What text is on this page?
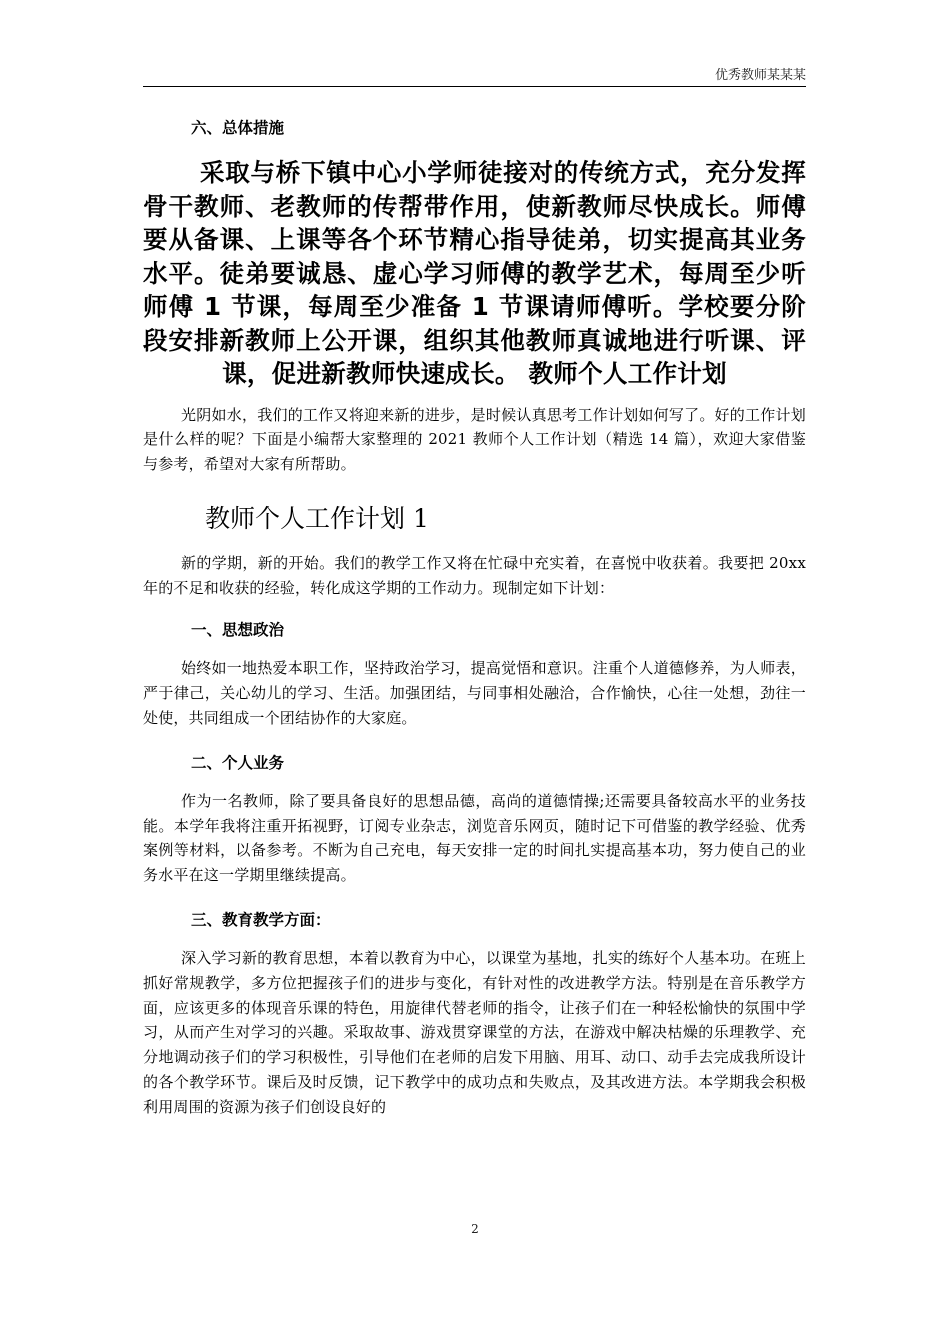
优秀教师某某某
六、总体措施
采取与桥下镇中心小学师徒接对的传统方式，充分发挥骨干教师、老教师的传帮带作用，使新教师尽快成长。师傅要从备课、上课等各个环节精心指导徒弟，切实提高其业务水平。徒弟要诚恳、虚心学习师傅的教学艺术，每周至少听师傅 1 节课，每周至少准备 1 节课请师傅听。学校要分阶段安排新教师上公开课，组织其他教师真诚地进行听课、评课，促进新教师快速成长。 教师个人工作计划
光阴如水，我们的工作又将迎来新的进步，是时候认真思考工作计划如何写了。好的工作计划是什么样的呢？下面是小编帮大家整理的 2021 教师个人工作计划（精选 14 篇），欢迎大家借鉴与参考，希望对大家有所帮助。
教师个人工作计划 1
新的学期，新的开始。我们的教学工作又将在忙碌中充实着，在喜悦中收获着。我要把 20xx 年的不足和收获的经验，转化成这学期的工作动力。现制定如下计划：
一、思想政治
始终如一地热爱本职工作，坚持政治学习，提高觉悟和意识。注重个人道德修养，为人师表，严于律己，关心幼儿的学习、生活。加强团结，与同事相处融洽，合作愉快，心往一处想，劲往一处使，共同组成一个团结协作的大家庭。
二、个人业务
作为一名教师，除了要具备良好的思想品德，高尚的道德情操;还需要具备较高水平的业务技能。本学年我将注重开拓视野，订阅专业杂志，浏览音乐网页，随时记下可借鉴的教学经验、优秀案例等材料，以备参考。不断为自己充电，每天安排一定的时间扎实提高基本功，努力使自己的业务水平在这一学期里继续提高。
三、教育教学方面：
深入学习新的教育思想，本着以教育为中心，以课堂为基地，扎实的练好个人基本功。在班上抓好常规教学，多方位把握孩子们的进步与变化，有针对性的改进教学方法。特别是在音乐教学方面，应该更多的体现音乐课的特色，用旋律代替老师的指令，让孩子们在一种轻松愉快的氛围中学习，从而产生对学习的兴趣。采取故事、游戏贯穿课堂的方法，在游戏中解决枯燥的乐理教学、充分地调动孩子们的学习积极性，引导他们在老师的启发下用脑、用耳、动口、动手去完成我所设计的各个教学环节。课后及时反馈，记下教学中的成功点和失败点，及其改进方法。本学期我会积极利用周围的资源为孩子们创设良好的
2
